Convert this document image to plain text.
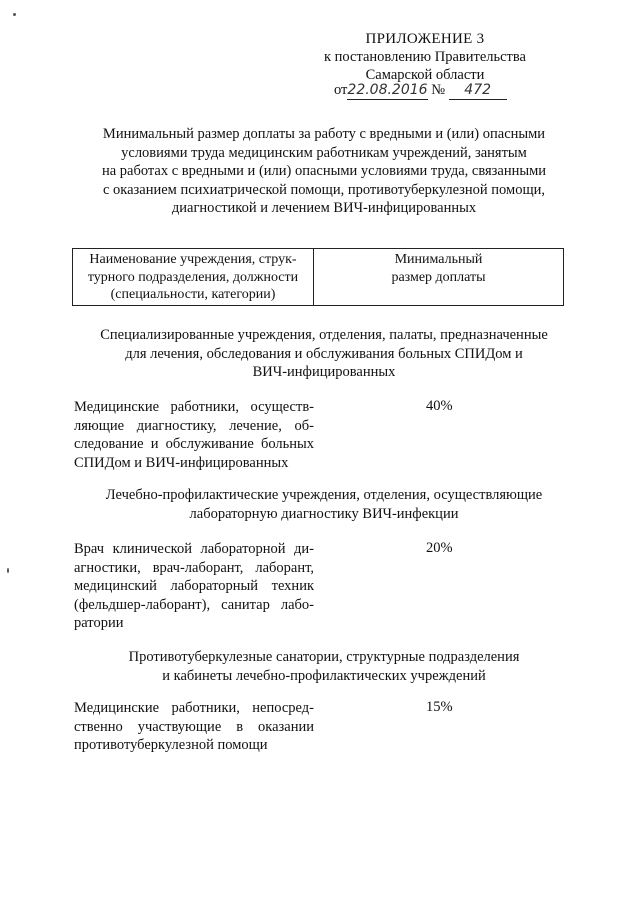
ПРИЛОЖЕНИЕ 3
к постановлению Правительства
Самарской области
от22.08.2016 № 472
Минимальный размер доплаты за работу с вредными и (или) опасными
условиями труда медицинским работникам учреждений, занятым
на работах с вредными и (или) опасными условиями труда, связанными
с оказанием психиатрической помощи, противотуберкулезной помощи,
диагностикой и лечением ВИЧ-инфицированных
Наименование учреждения, струк-
турного подразделения, должности
(специальности, категории)
Минимальный
размер доплаты
Специализированные учреждения, отделения, палаты, предназначенные
для лечения, обследования и обслуживания больных СПИДом и
ВИЧ-инфицированных
Медицинские работники, осуществ-
ляющие диагностику, лечение, об-
следование и обслуживание больных
СПИДом и ВИЧ-инфицированных
40%
Лечебно-профилактические учреждения, отделения, осуществляющие
лабораторную диагностику ВИЧ-инфекции
Врач клинической лабораторной ди-
агностики, врач-лаборант, лаборант,
медицинский лабораторный техник
(фельдшер-лаборант), санитар лабо-
ратории
20%
Противотуберкулезные санатории, структурные подразделения
и кабинеты лечебно-профилактических учреждений
Медицинские работники, непосред-
ственно участвующие в оказании
противотуберкулезной помощи
15%
